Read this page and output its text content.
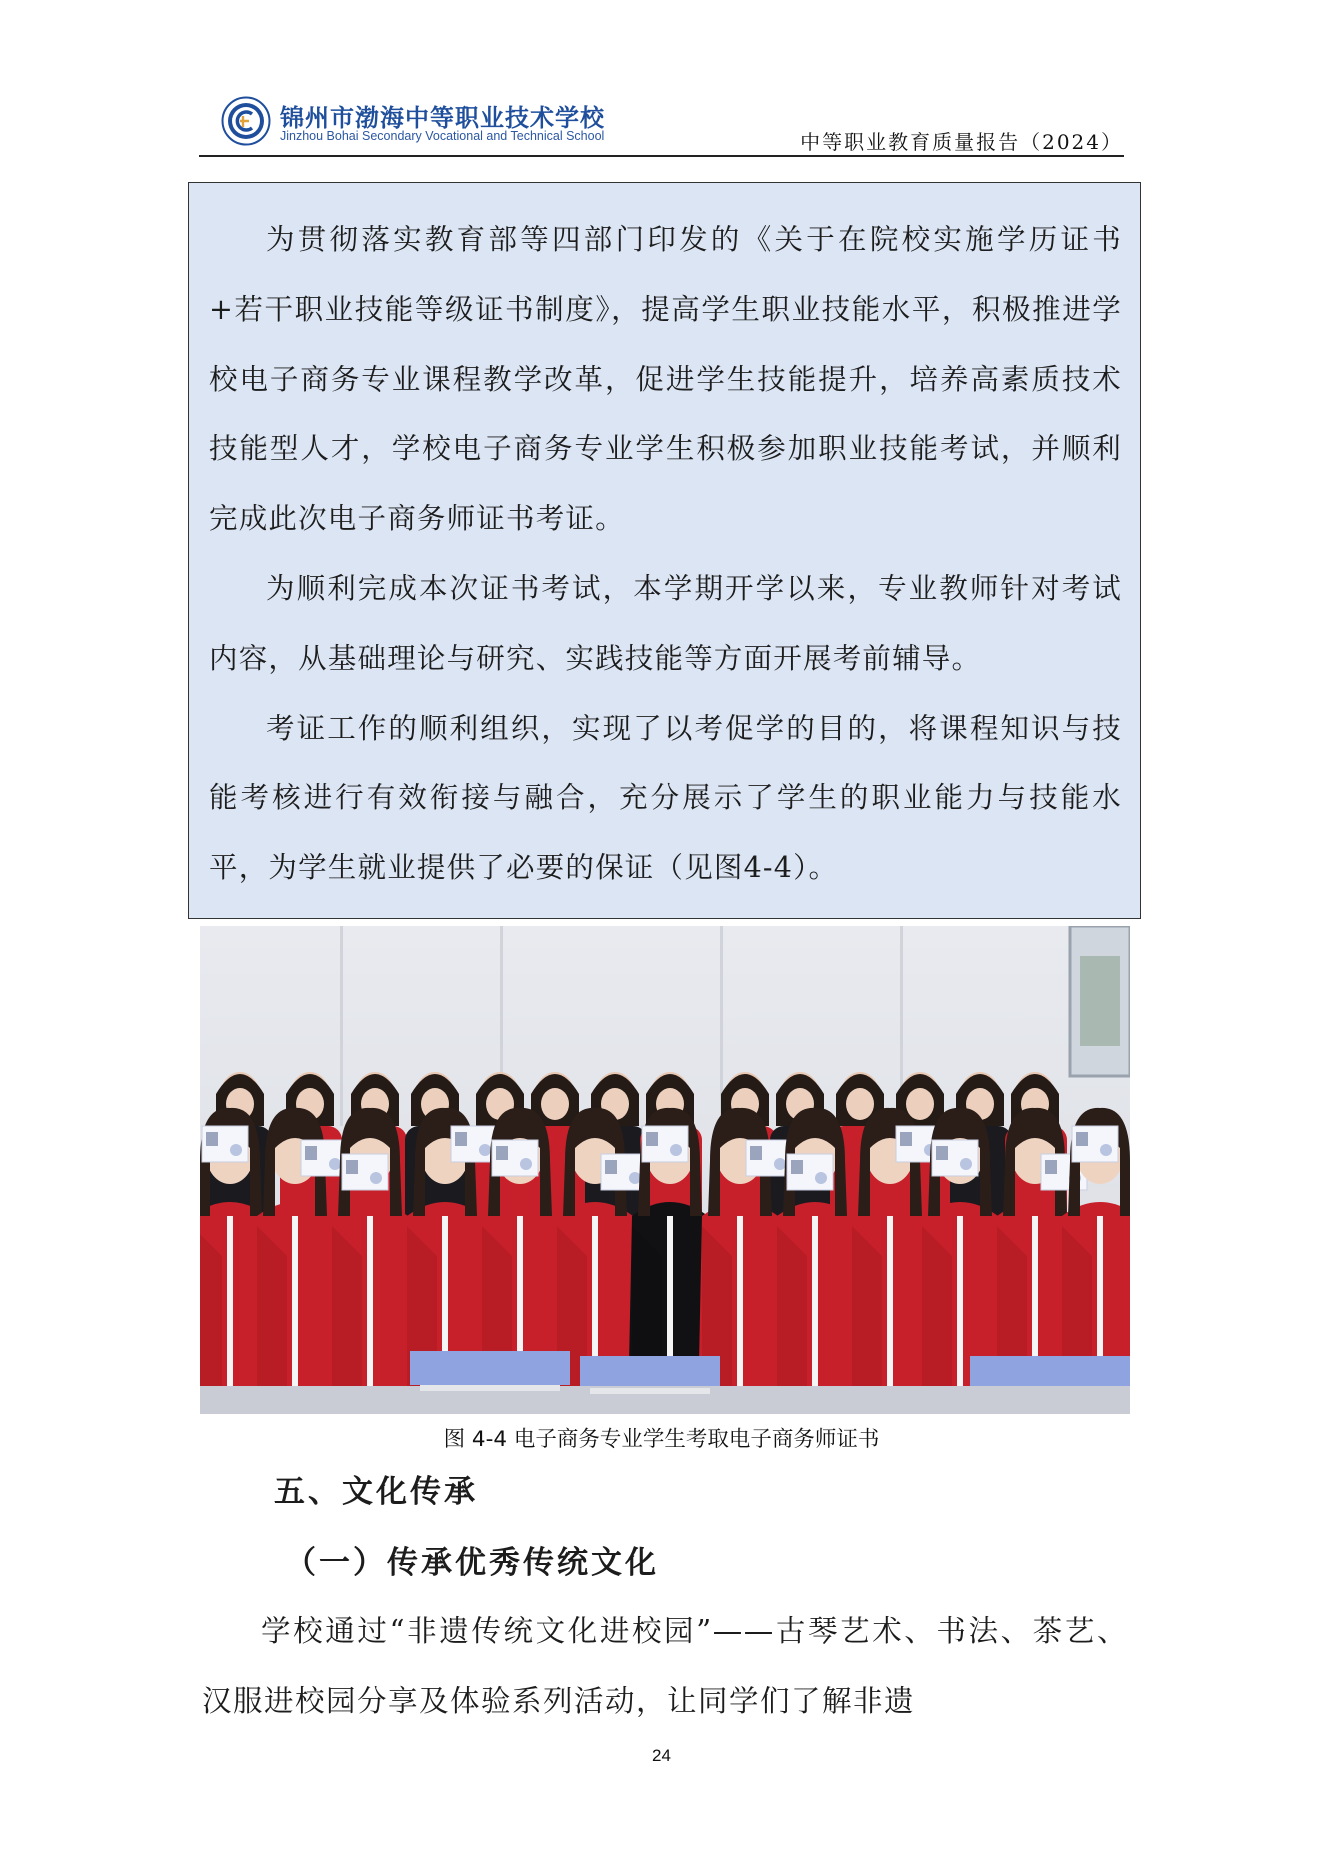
锦州市渤海中等职业技术学校
Jinzhou Bohai Secondary Vocational and Technical School	中等职业教育质量报告（2024）

为贯彻落实教育部等四部门印发的《关于在院校实施学历证书+若干职业技能等级证书制度》，提高学生职业技能水平，积极推进学校电子商务专业课程教学改革，促进学生技能提升，培养高素质技术技能型人才，学校电子商务专业学生积极参加职业技能考试，并顺利完成此次电子商务师证书考证。

为顺利完成本次证书考试，本学期开学以来，专业教师针对考试内容，从基础理论与研究、实践技能等方面开展考前辅导。

考证工作的顺利组织，实现了以考促学的目的，将课程知识与技能考核进行有效衔接与融合，充分展示了学生的职业能力与技能水平，为学生就业提供了必要的保证（见图4-4）。

图 4-4 电子商务专业学生考取电子商务师证书
五、文化传承
（一）传承优秀传统文化

学校通过“非遗传统文化进校园”——古琴艺术、书法、茶艺、汉服进校园分享及体验系列活动，让同学们了解非遗

24
